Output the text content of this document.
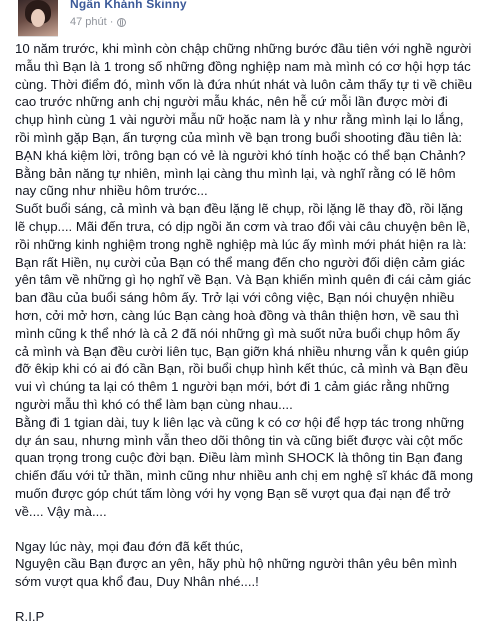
Ngân Khánh Skinny
47 phút ·

10 năm trước, khi mình còn chập chững những bước đầu tiên với nghề người mẫu thì Bạn là 1 trong số những đồng nghiệp nam mà mình có cơ hội hợp tác cùng. Thời điểm đó, mình vốn là đứa nhút nhát và luôn cảm thấy tự ti về chiều cao trước những anh chị người mẫu khác, nên hễ cứ mỗi lần được mời đi chụp hình cùng 1 vài người mẫu nữ hoặc nam là y như rằng mình lại lo lắng, rồi mình gặp Bạn, ấn tượng của mình về bạn trong buổi shooting đầu tiên là: BẠN khá kiệm lời, trông bạn có vẻ là người khó tính hoặc có thể bạn Chảnh? Bằng bản năng tự nhiên, mình lại càng thu mình lại, và nghĩ rằng có lẽ hôm nay cũng như nhiều hôm trước...

Suốt buổi sáng, cả mình và bạn đều lặng lẽ chụp, rồi lặng lẽ thay đồ, rồi lặng lẽ chụp.... Mãi đến trưa, có dịp ngồi ăn cơm và trao đổi vài câu chuyện bên lề, rồi những kinh nghiệm trong nghề nghiệp mà lúc ấy mình mới phát hiện ra là: Bạn rất Hiền, nụ cười của Bạn có thể mang đến cho người đối diện cảm giác yên tâm về những gì họ nghĩ về Bạn. Và Bạn khiến mình quên đi cái cảm giác ban đầu của buổi sáng hôm ấy. Trở lại với công việc, Bạn nói chuyện nhiều hơn, cởi mở hơn, càng lúc Bạn càng hoà đồng và thân thiện hơn, về sau thì mình cũng k thể nhớ là cả 2 đã nói những gì mà suốt nửa buổi chụp hôm ấy cả mình và Bạn đều cười liên tục, Bạn giỡn khá nhiều nhưng vẫn k quên giúp đỡ êkip khi có ai đó cần Bạn, rồi buổi chụp hình kết thúc, cả mình và Bạn đều vui vì chúng ta lại có thêm 1 người bạn mới, bớt đi 1 cảm giác rằng những người mẫu thì khó có thể làm bạn cùng nhau....

Bằng đi 1 tgian dài, tuy k liên lạc và cũng k có cơ hội để hợp tác trong những dự án sau, nhưng mình vẫn theo dõi thông tin và cũng biết được vài cột mốc quan trọng trong cuộc đời bạn. Điều làm mình SHOCK là thông tin Bạn đang chiến đấu với tử thần, mình cũng như nhiều anh chị em nghệ sĩ khác đã mong muốn được góp chút tấm lòng với hy vọng Bạn sẽ vượt qua đại nạn để trở về.... Vậy mà....

Ngay lúc này, mọi đau đớn đã kết thúc,
Nguyện cầu Bạn được an yên, hãy phù hộ những người thân yêu bên mình sớm vượt qua khổ đau, Duy Nhân nhé....!

R.I.P
